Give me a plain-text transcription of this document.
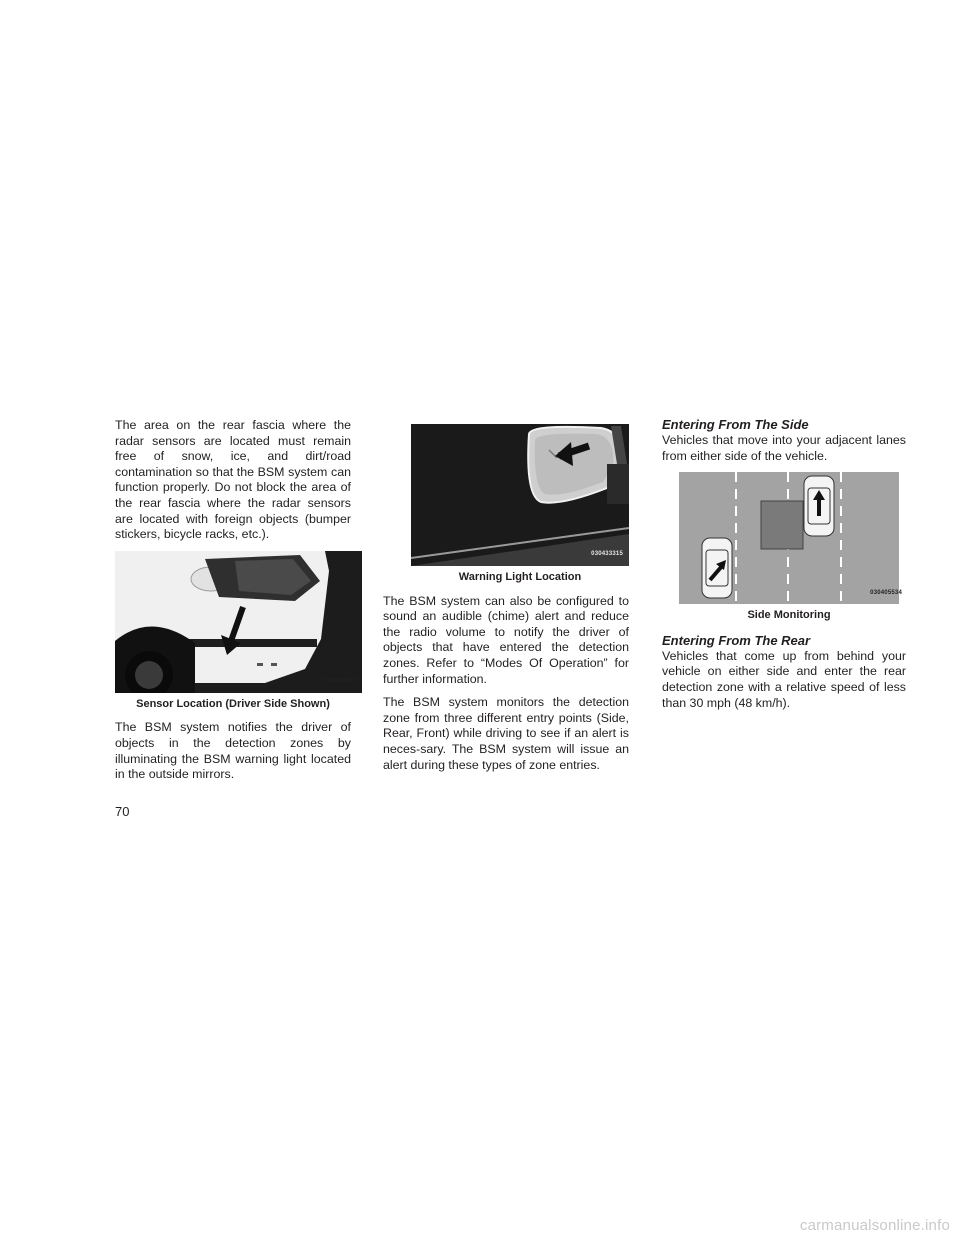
The area on the rear fascia where the radar sensors are located must remain free of snow, ice, and dirt/road contamination so that the BSM system can function properly. Do not block the area of the rear fascia where the radar sensors are located with foreign objects (bumper stickers, bicycle racks, etc.).

030409806
Sensor Location (Driver Side Shown)

The BSM system notifies the driver of objects in the detection zones by illuminating the BSM warning light located in the outside mirrors.

030433315
Warning Light Location

The BSM system can also be configured to sound an audible (chime) alert and reduce the radio volume to notify the driver of objects that have entered the detection zones. Refer to “Modes Of Operation” for further information.

The BSM system monitors the detection zone from three different entry points (Side, Rear, Front) while driving to see if an alert is neces-sary. The BSM system will issue an alert during these types of zone entries.

Entering From The Side

Vehicles that move into your adjacent lanes from either side of the vehicle.

030405534
Side Monitoring
Entering From The Rear

Vehicles that come up from behind your vehicle on either side and enter the rear detection zone with a relative speed of less than 30 mph (48 km/h).

70
carmanualsonline.info
